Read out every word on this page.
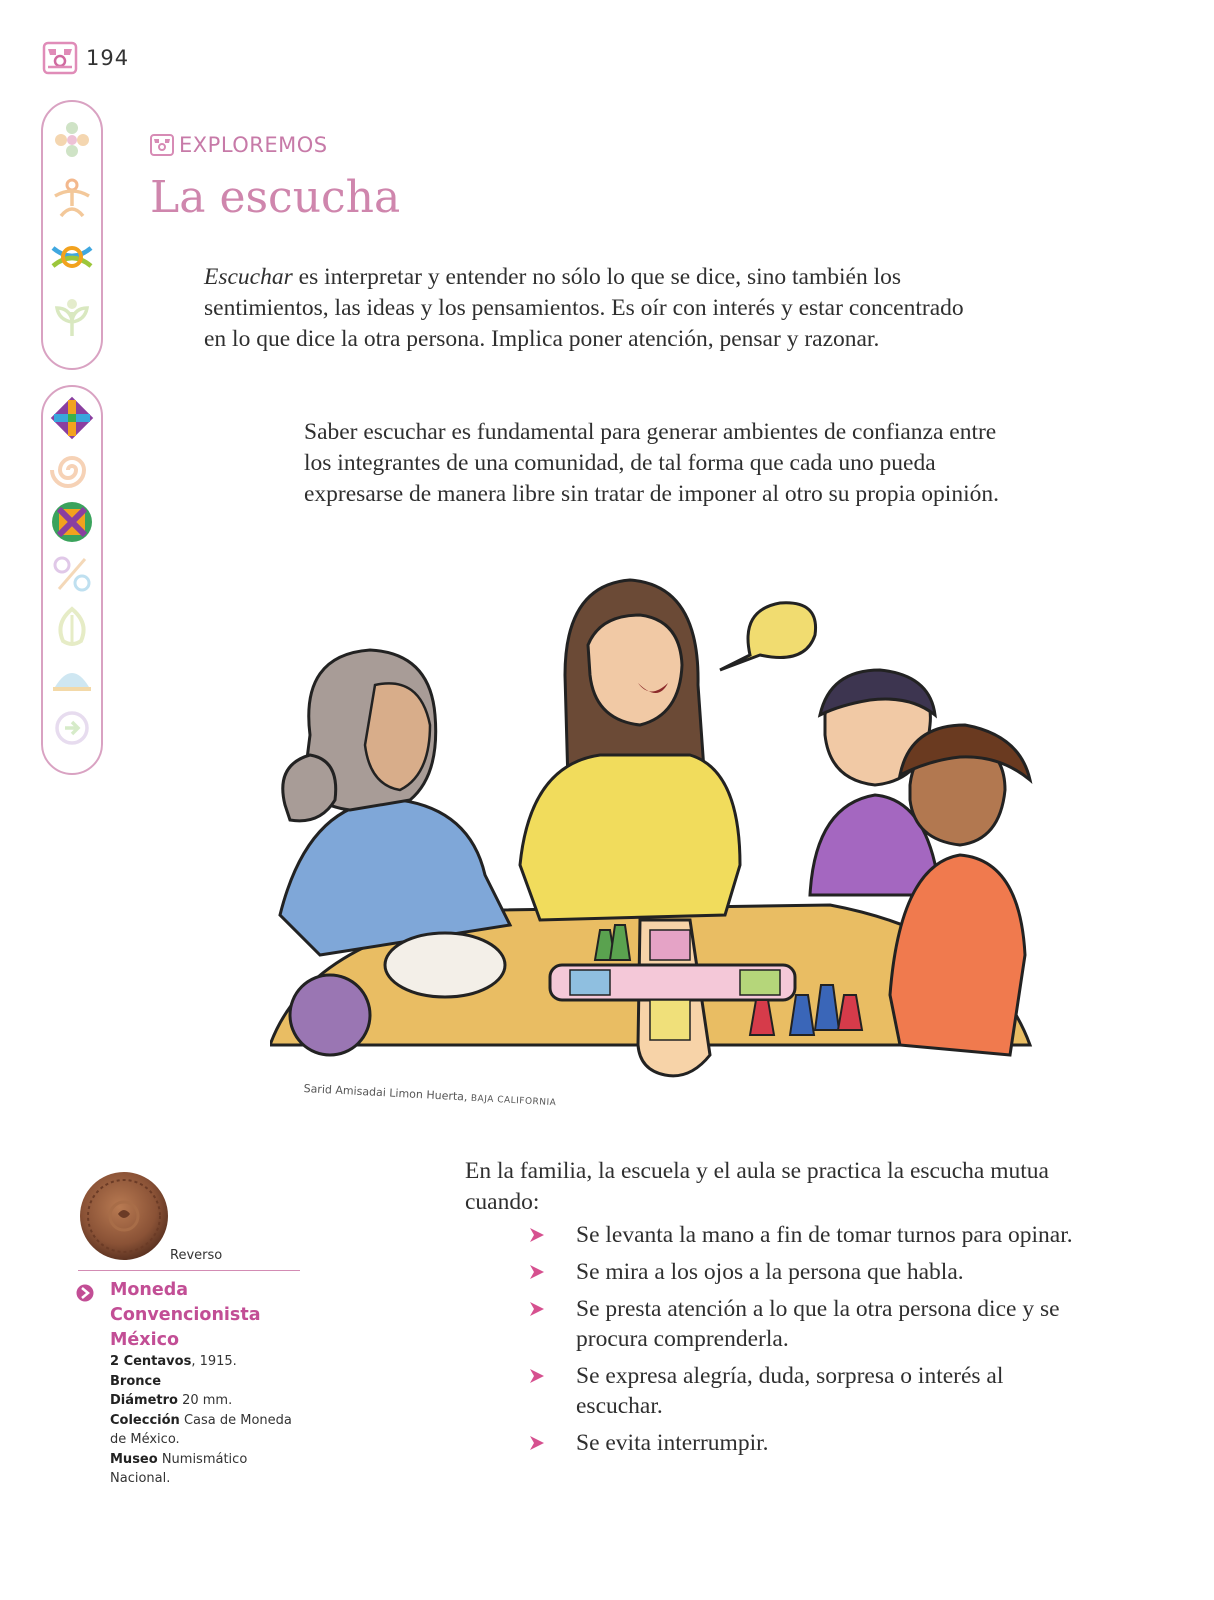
194
EXPLOREMOS
La escucha

Escuchar es interpretar y entender no sólo lo que se dice, sino también los sentimientos, las ideas y los pensamientos. Es oír con interés y estar concentrado en lo que dice la otra persona. Implica poner atención, pensar y razonar.

Saber escuchar es fundamental para generar ambientes de confianza entre los integrantes de una comunidad, de tal forma que cada uno pueda expresarse de manera libre sin tratar de imponer al otro su propia opinión.

Sarid Amisadai Limon Huerta, BAJA CALIFORNIA

En la familia, la escuela y el aula se practica la escucha mutua cuando:

Se levanta la mano a fin de tomar turnos para opinar.
Se mira a los ojos a la persona que habla.
Se presta atención a lo que la otra persona dice y se procura comprenderla.
Se expresa alegría, duda, sorpresa o interés al escuchar.
Se evita interrumpir.
Reverso
Moneda Convencionista México
2 Centavos, 1915.
Bronce
Diámetro 20 mm.
Colección Casa de Moneda de México.
Museo Numismático Nacional.
